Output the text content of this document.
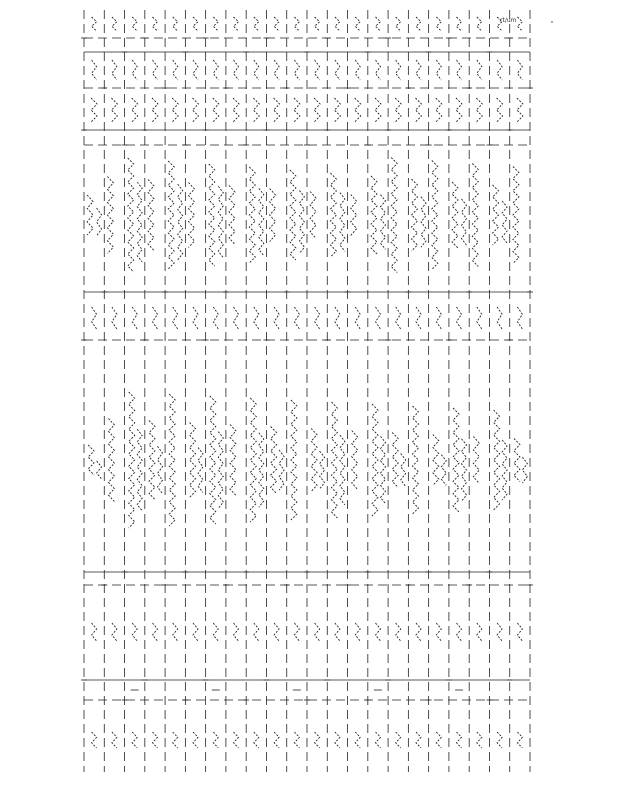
rt/um
